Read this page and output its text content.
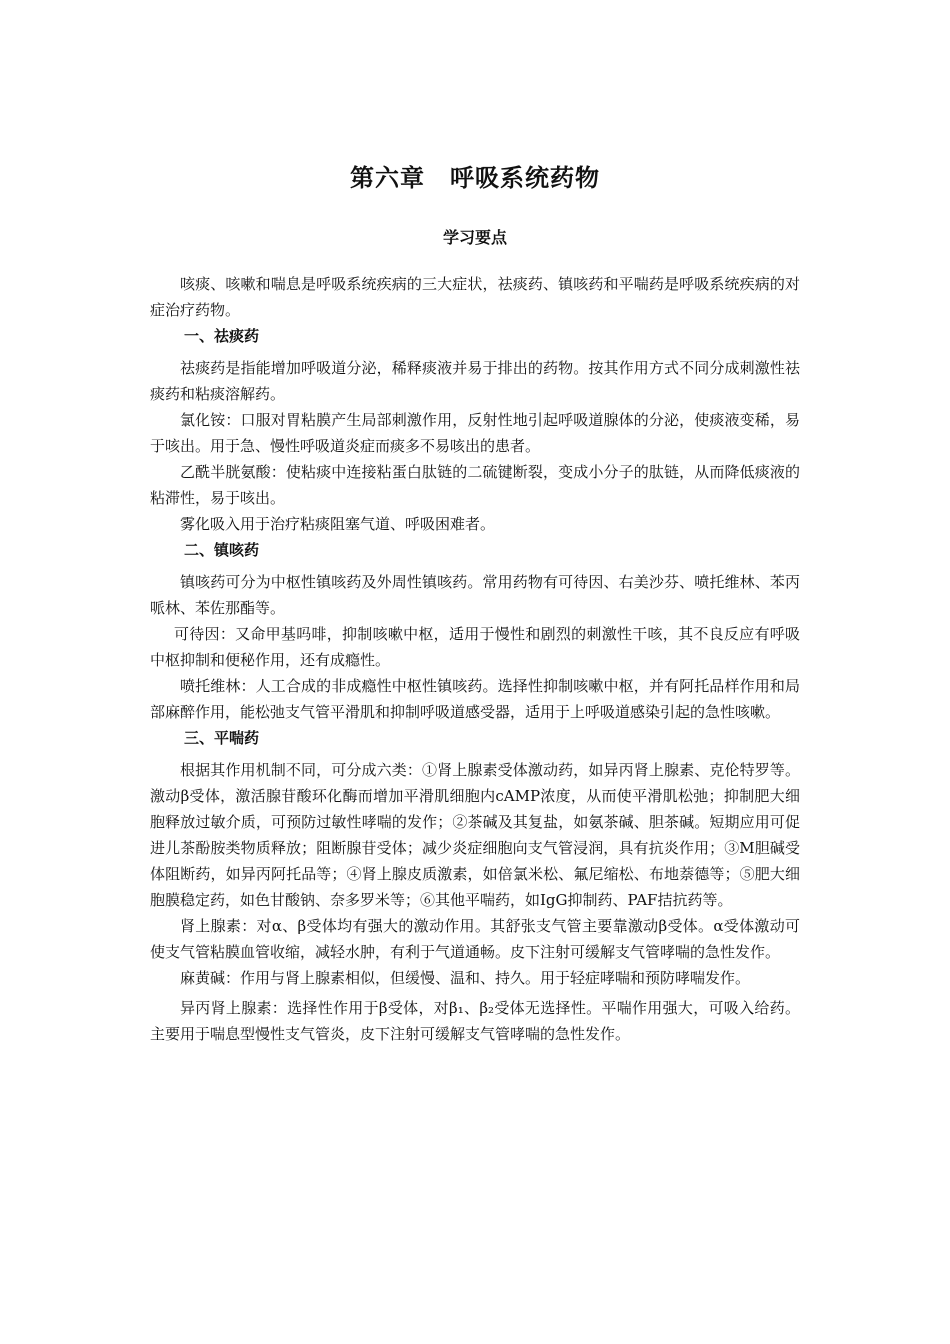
第六章　呼吸系统药物
学习要点

咳痰、咳嗽和喘息是呼吸系统疾病的三大症状，祛痰药、镇咳药和平喘药是呼吸系统疾病的对症治疗药物。

一、祛痰药

祛痰药是指能增加呼吸道分泌，稀释痰液并易于排出的药物。按其作用方式不同分成刺激性祛痰药和粘痰溶解药。

氯化铵：口服对胃粘膜产生局部刺激作用，反射性地引起呼吸道腺体的分泌，使痰液变稀，易于咳出。用于急、慢性呼吸道炎症而痰多不易咳出的患者。

乙酰半胱氨酸：使粘痰中连接粘蛋白肽链的二硫键断裂，变成小分子的肽链，从而降低痰液的粘滞性，易于咳出。

雾化吸入用于治疗粘痰阻塞气道、呼吸困难者。

二、镇咳药

镇咳药可分为中枢性镇咳药及外周性镇咳药。常用药物有可待因、右美沙芬、喷托维林、苯丙哌林、苯佐那酯等。

可待因：又命甲基吗啡，抑制咳嗽中枢，适用于慢性和剧烈的刺激性干咳，其不良反应有呼吸中枢抑制和便秘作用，还有成瘾性。

喷托维林：人工合成的非成瘾性中枢性镇咳药。选择性抑制咳嗽中枢，并有阿托品样作用和局部麻醉作用，能松弛支气管平滑肌和抑制呼吸道感受器，适用于上呼吸道感染引起的急性咳嗽。

三、平喘药

根据其作用机制不同，可分成六类：①肾上腺素受体激动药，如异丙肾上腺素、克伦特罗等。激动β受体，激活腺苷酸环化酶而增加平滑肌细胞内cAMP浓度，从而使平滑肌松弛；抑制肥大细胞释放过敏介质，可预防过敏性哮喘的发作；②茶碱及其复盐，如氨茶碱、胆茶碱。短期应用可促进儿茶酚胺类物质释放；阻断腺苷受体；减少炎症细胞向支气管浸润，具有抗炎作用；③M胆碱受体阻断药，如异丙阿托品等；④肾上腺皮质激素，如倍氯米松、氟尼缩松、布地萘德等；⑤肥大细胞膜稳定药，如色甘酸钠、奈多罗米等；⑥其他平喘药，如IgG抑制药、PAF拮抗药等。

肾上腺素：对α、β受体均有强大的激动作用。其舒张支气管主要靠激动β受体。α受体激动可使支气管粘膜血管收缩，减轻水肿，有利于气道通畅。皮下注射可缓解支气管哮喘的急性发作。

麻黄碱：作用与肾上腺素相似，但缓慢、温和、持久。用于轻症哮喘和预防哮喘发作。

异丙肾上腺素：选择性作用于β受体，对β₁、β₂受体无选择性。平喘作用强大，可吸入给药。主要用于喘息型慢性支气管炎，皮下注射可缓解支气管哮喘的急性发作。
